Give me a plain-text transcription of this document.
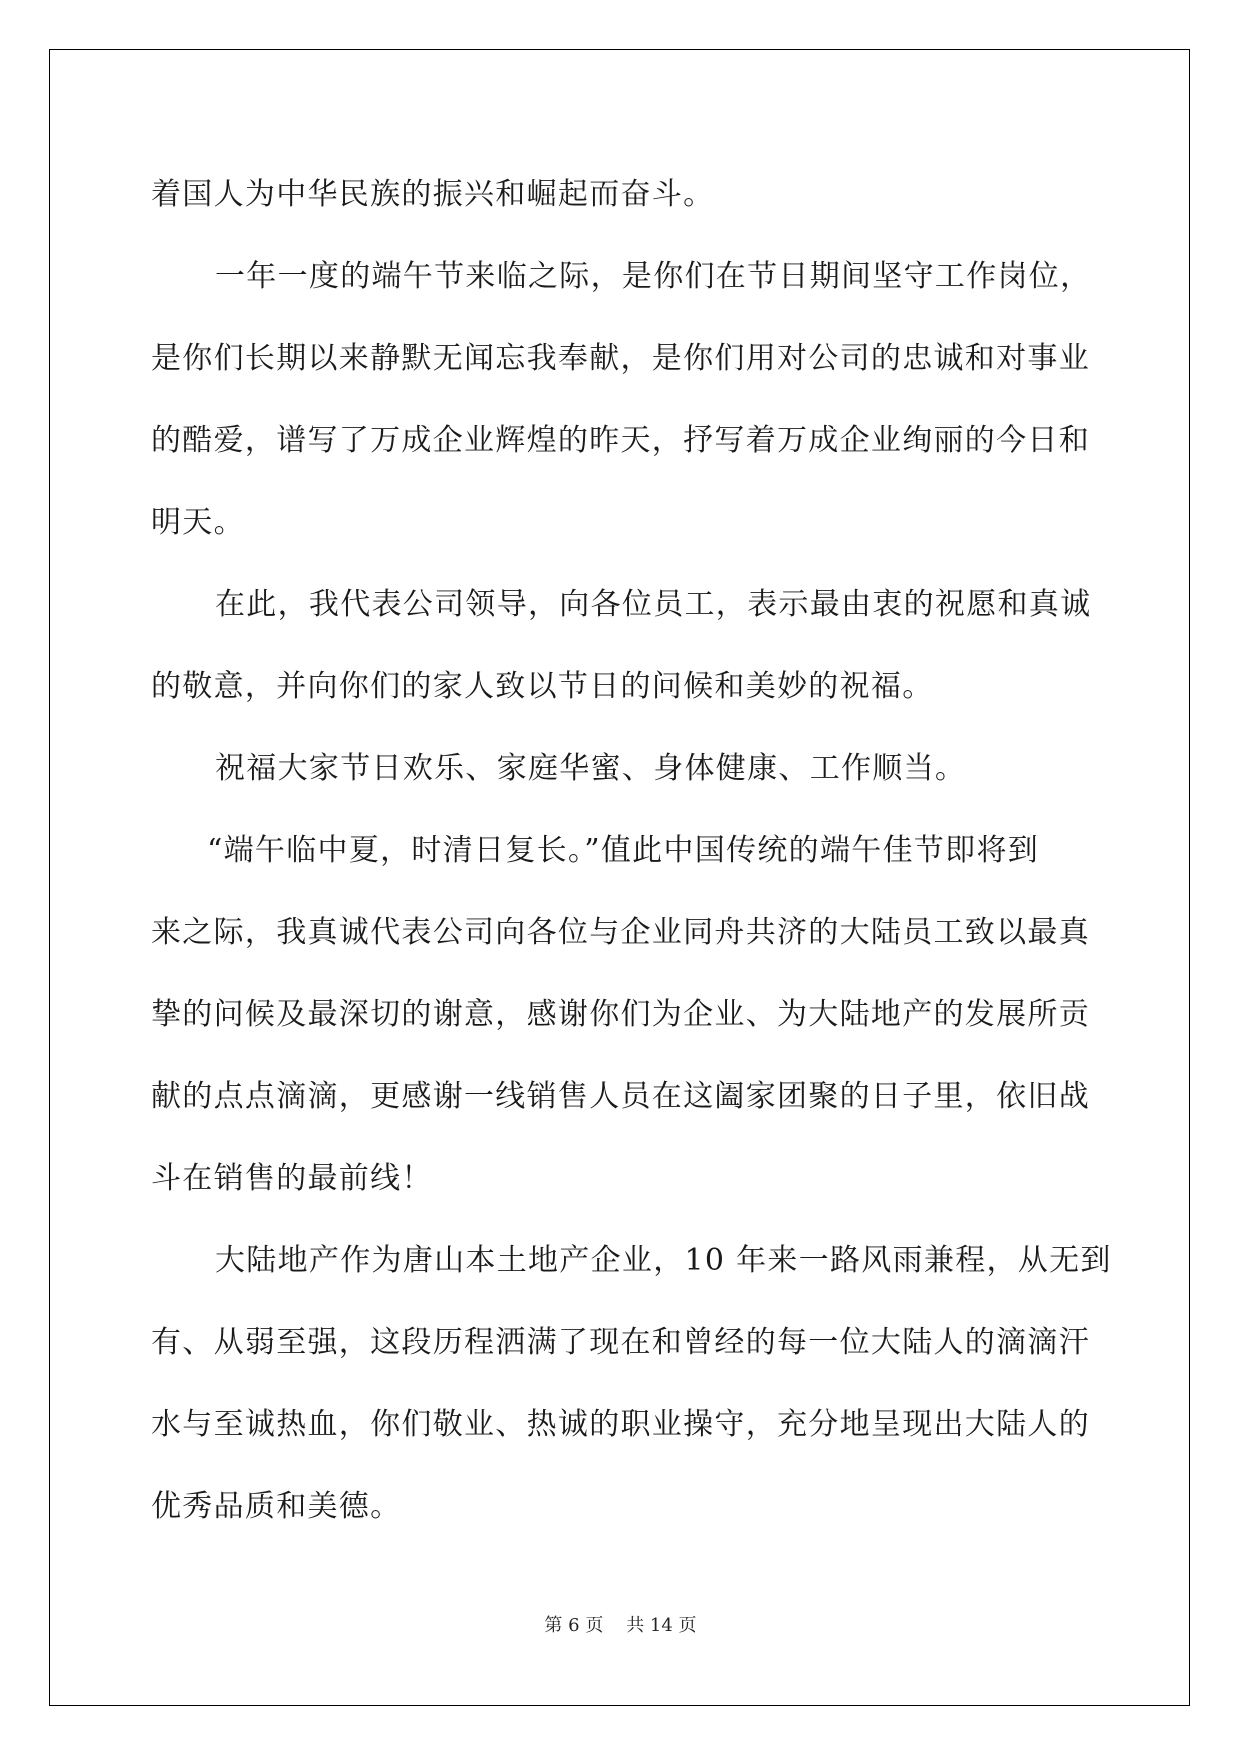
着国人为中华民族的振兴和崛起而奋斗。
一年一度的端午节来临之际，是你们在节日期间坚守工作岗位，
是你们长期以来静默无闻忘我奉献，是你们用对公司的忠诚和对事业
的酷爱，谱写了万成企业辉煌的昨天，抒写着万成企业绚丽的今日和
明天。
在此，我代表公司领导，向各位员工，表示最由衷的祝愿和真诚
的敬意，并向你们的家人致以节日的问候和美妙的祝福。
祝福大家节日欢乐、家庭华蜜、身体健康、工作顺当。
“端午临中夏，时清日复长。”值此中国传统的端午佳节即将到
来之际，我真诚代表公司向各位与企业同舟共济的大陆员工致以最真
挚的问候及最深切的谢意，感谢你们为企业、为大陆地产的发展所贡
献的点点滴滴，更感谢一线销售人员在这阖家团聚的日子里，依旧战
斗在销售的最前线！
大陆地产作为唐山本土地产企业，10 年来一路风雨兼程，从无到
有、从弱至强，这段历程洒满了现在和曾经的每一位大陆人的滴滴汗
水与至诚热血，你们敬业、热诚的职业操守，充分地呈现出大陆人的
优秀品质和美德。
第 6 页    共 14 页
